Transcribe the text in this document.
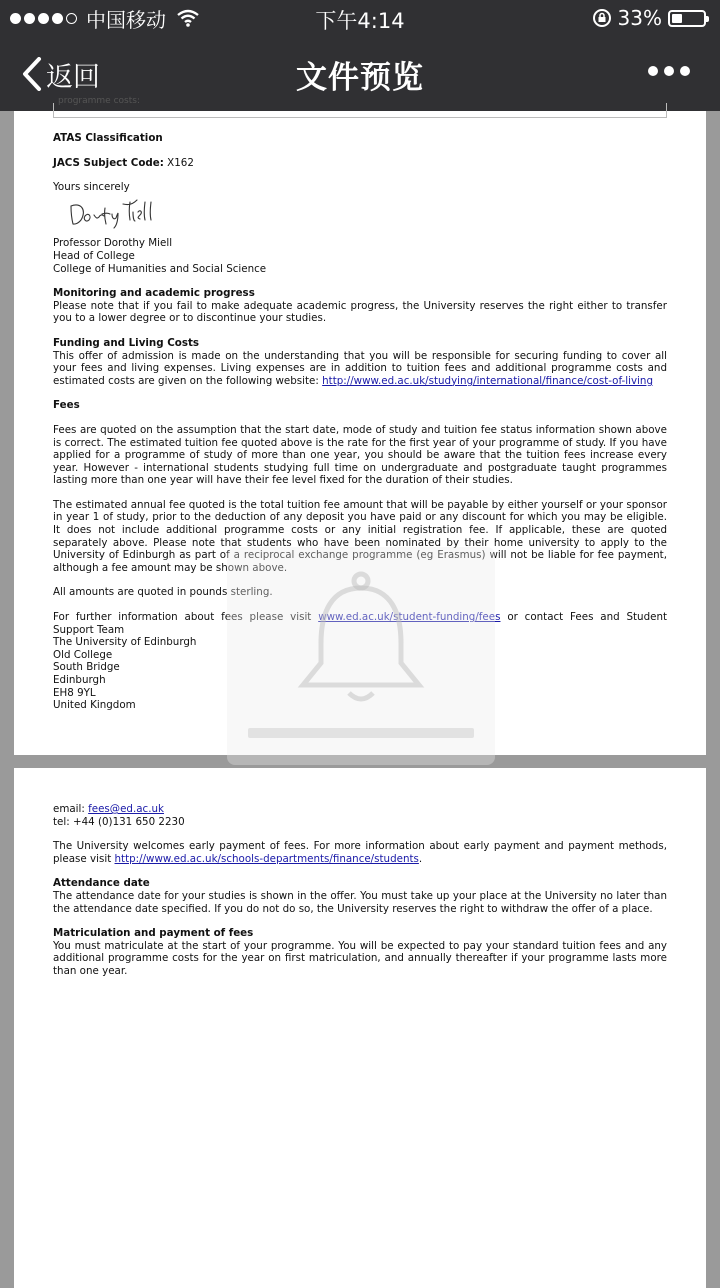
中国移动	下午4:14	33%
返回	文件预览
programme costs:

ATAS Classification

JACS Subject Code: X162

Yours sincerely

Professor Dorothy Miell

Head of College

College of Humanities and Social Science

Monitoring and academic progress

Please note that if you fail to make adequate academic progress, the University reserves the right either to transfer you to a lower degree or to discontinue your studies.

Funding and Living Costs

This offer of admission is made on the understanding that you will be responsible for securing funding to cover all your fees and living expenses. Living expenses are in addition to tuition fees and additional programme costs and estimated costs are given on the following website: http://www.ed.ac.uk/studying/international/finance/cost-of-living

Fees

Fees are quoted on the assumption that the start date, mode of study and tuition fee status information shown above is correct. The estimated tuition fee quoted above is the rate for the first year of your programme of study. If you have applied for a programme of study of more than one year, you should be aware that the tuition fees increase every year. However - international students studying full time on undergraduate and postgraduate taught programmes lasting more than one year will have their fee level fixed for the duration of their studies.

The estimated annual fee quoted is the total tuition fee amount that will be payable by either yourself or your sponsor in year 1 of study, prior to the deduction of any deposit you have paid or any discount for which you may be eligible. It does not include additional programme costs or any initial registration fee. If applicable, these are quoted separately above. Please note that students who have been nominated by their home university to apply to the University of Edinburgh as part of a reciprocal exchange programme (eg Erasmus) will not be liable for fee payment, although a fee amount may be shown above.

All amounts are quoted in pounds sterling.

For further information about fees please visit www.ed.ac.uk/student-funding/fees or contact Fees and Student Support Team

The University of Edinburgh

Old College

South Bridge

Edinburgh

EH8 9YL

United Kingdom

email: fees@ed.ac.uk

tel: +44 (0)131 650 2230

The University welcomes early payment of fees. For more information about early payment and payment methods, please visit http://www.ed.ac.uk/schools-departments/finance/students.

Attendance date

The attendance date for your studies is shown in the offer. You must take up your place at the University no later than the attendance date specified. If you do not do so, the University reserves the right to withdraw the offer of a place.

Matriculation and payment of fees

You must matriculate at the start of your programme. You will be expected to pay your standard tuition fees and any additional programme costs for the year on first matriculation, and annually thereafter if your programme lasts more than one year.
